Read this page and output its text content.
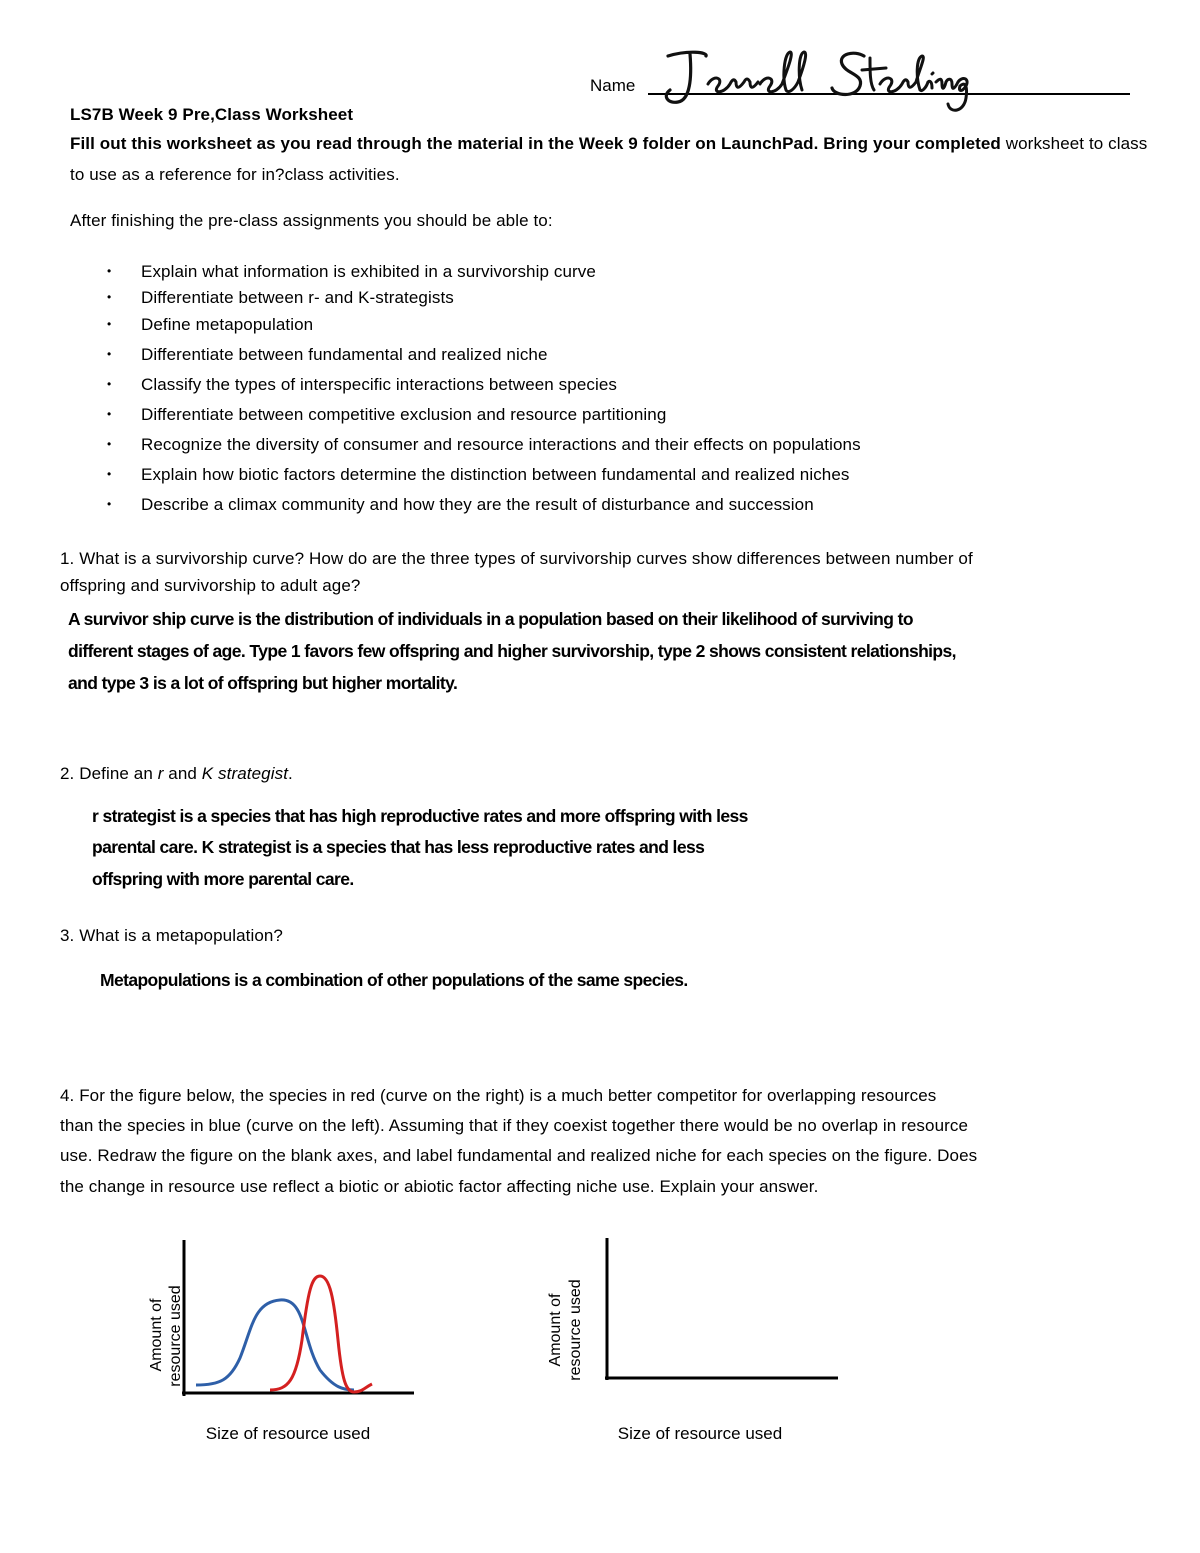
Name
LS7B Week 9 Pre,Class Worksheet
Fill out this worksheet as you read through the material in the Week 9 folder on LaunchPad. Bring your completed worksheet to class
to use as a reference for in?class activities.
After finishing the pre-class assignments you should be able to:
• Explain what information is exhibited in a survivorship curve
• Differentiate between r- and K-strategists
• Define metapopulation
• Differentiate between fundamental and realized niche
• Classify the types of interspecific interactions between species
• Differentiate between competitive exclusion and resource partitioning
• Recognize the diversity of consumer and resource interactions and their effects on populations
• Explain how biotic factors determine the distinction between fundamental and realized niches
• Describe a climax community and how they are the result of disturbance and succession
1. What is a survivorship curve? How do are the three types of survivorship curves show differences between number of
offspring and survivorship to adult age?
A survivor ship curve is the distribution of individuals in a population based on their likelihood of surviving to
different stages of age. Type 1 favors few offspring and higher survivorship, type 2 shows consistent relationships,
and type 3 is a lot of offspring but higher mortality.
2. Define an r and K strategist.
r strategist is a species that has high reproductive rates and more offspring with less
parental care. K strategist is a species that has less reproductive rates and less
offspring with more parental care.
3. What is a metapopulation?
Metapopulations is a combination of other populations of the same species.
4. For the figure below, the species in red (curve on the right) is a much better competitor for overlapping resources
than the species in blue (curve on the left). Assuming that if they coexist together there would be no overlap in resource
use. Redraw the figure on the blank axes, and label fundamental and realized niche for each species on the figure. Does
the change in resource use reflect a biotic or abiotic factor affecting niche use. Explain your answer.
Amount of resource used
Size of resource used
Amount of resource used
Size of resource used
